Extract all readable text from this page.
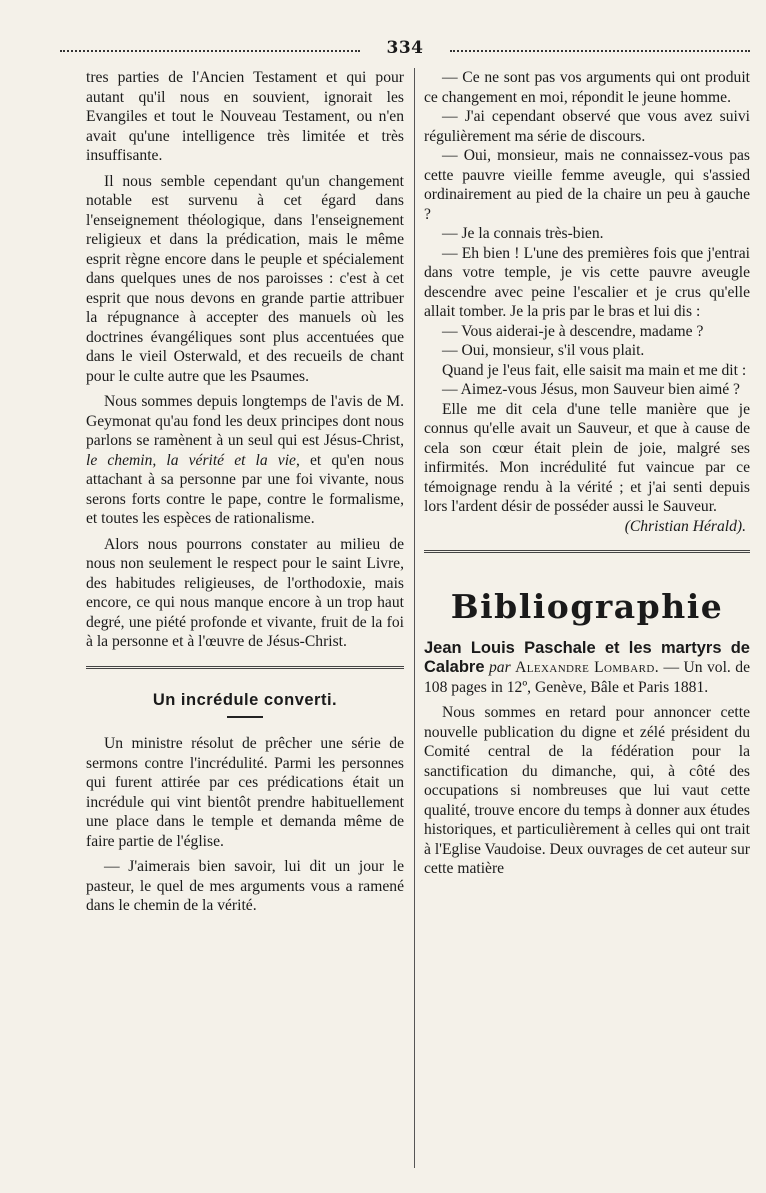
334

tres parties de l'Ancien Testament et qui pour autant qu'il nous en souvient, ignorait les Evangiles et tout le Nouveau Testament, ou n'en avait qu'une intelligence très limitée et très insuffisante.

Il nous semble cependant qu'un changement notable est survenu à cet égard dans l'enseignement théologique, dans l'enseignement religieux et dans la prédication, mais le même esprit règne encore dans le peuple et spécialement dans quelques unes de nos paroisses : c'est à cet esprit que nous devons en grande partie attribuer la répugnance à accepter des manuels où les doctrines évangéliques sont plus accentuées que dans le vieil Osterwald, et des recueils de chant pour le culte autre que les Psaumes.

Nous sommes depuis longtemps de l'avis de M. Geymonat qu'au fond les deux principes dont nous parlons se ramènent à un seul qui est Jésus-Christ, le chemin, la vérité et la vie, et qu'en nous attachant à sa personne par une foi vivante, nous serons forts contre le pape, contre le formalisme, et toutes les espèces de rationalisme.

Alors nous pourrons constater au milieu de nous non seulement le respect pour le saint Livre, des habitudes religieuses, de l'orthodoxie, mais encore, ce qui nous manque encore à un trop haut degré, une piété profonde et vivante, fruit de la foi à la personne et à l'œuvre de Jésus-Christ.

Un incrédule converti.

Un ministre résolut de prêcher une série de sermons contre l'incrédulité. Parmi les personnes qui furent attirée par ces prédications était un incrédule qui vint bientôt prendre habituellement une place dans le temple et demanda même de faire partie de l'église.

— J'aimerais bien savoir, lui dit un jour le pasteur, le quel de mes arguments vous a ramené dans le chemin de la vérité.

— Ce ne sont pas vos arguments qui ont produit ce changement en moi, répondit le jeune homme.

— J'ai cependant observé que vous avez suivi régulièrement ma série de discours.

— Oui, monsieur, mais ne connaissez-vous pas cette pauvre vieille femme aveugle, qui s'assied ordinairement au pied de la chaire un peu à gauche ?

— Je la connais très-bien.

— Eh bien ! L'une des premières fois que j'entrai dans votre temple, je vis cette pauvre aveugle descendre avec peine l'escalier et je crus qu'elle allait tomber. Je la pris par le bras et lui dis :

— Vous aiderai-je à descendre, madame ?

— Oui, monsieur, s'il vous plait.

Quand je l'eus fait, elle saisit ma main et me dit :

— Aimez-vous Jésus, mon Sauveur bien aimé ?

Elle me dit cela d'une telle manière que je connus qu'elle avait un Sauveur, et que à cause de cela son cœur était plein de joie, malgré ses infirmités. Mon incrédulité fut vaincue par ce témoignage rendu à la vérité ; et j'ai senti depuis lors l'ardent désir de posséder aussi le Sauveur.

(Christian Hérald).

Bibliographie

Jean Louis Paschale et les martyrs de Calabre par Alexandre Lombard. — Un vol. de 108 pages in 12º, Genève, Bâle et Paris 1881.

Nous sommes en retard pour annoncer cette nouvelle publication du digne et zélé président du Comité central de la fédération pour la sanctification du dimanche, qui, à côté des occupations si nombreuses que lui vaut cette qualité, trouve encore du temps à donner aux études historiques, et particulièrement à celles qui ont trait à l'Eglise Vaudoise. Deux ouvrages de cet auteur sur cette matière
